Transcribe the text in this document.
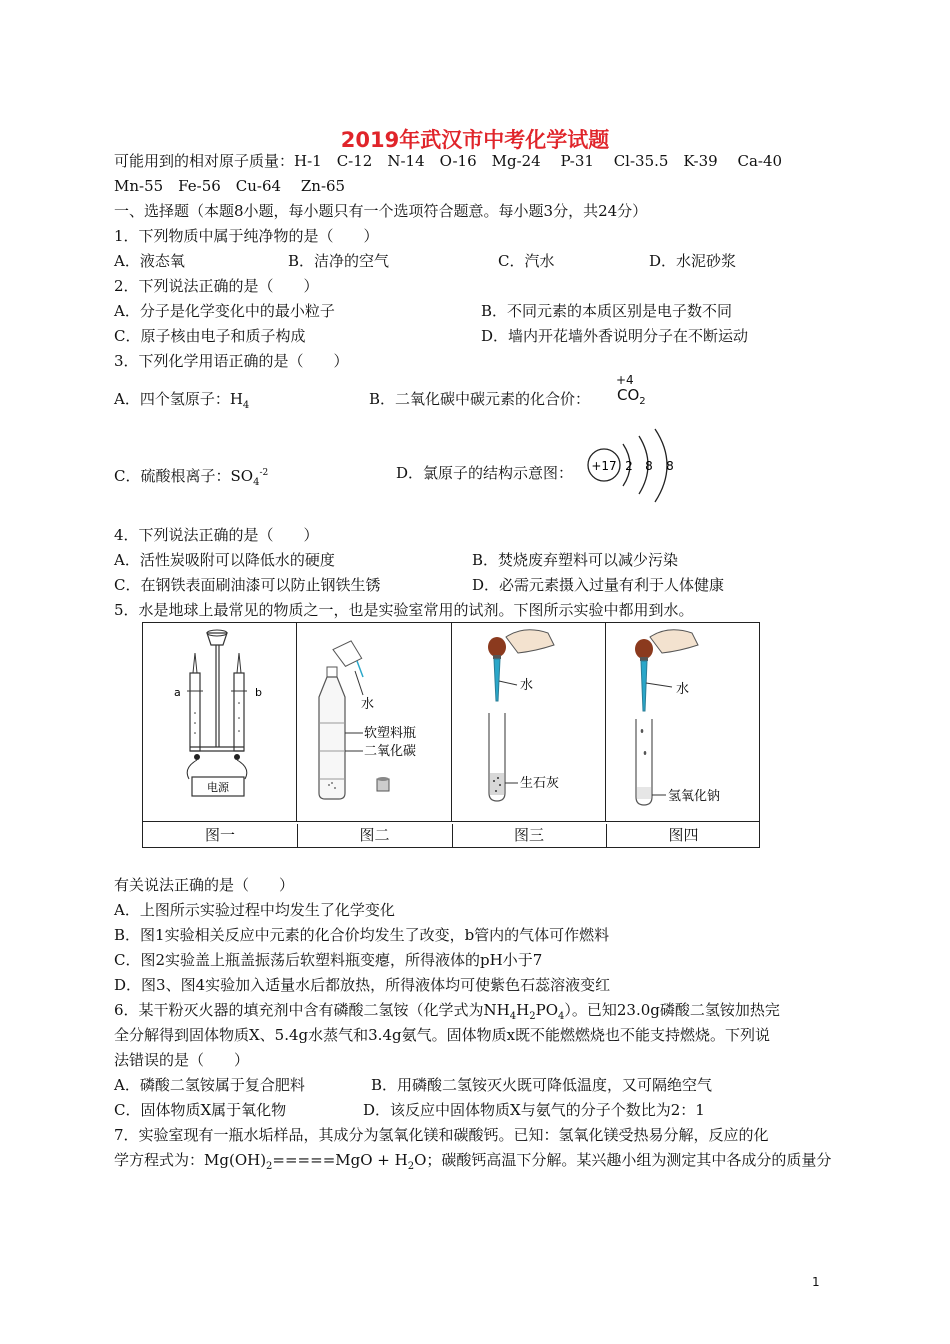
2019年武汉市中考化学试题
可能用到的相对原子质量：H-1　C-12　N-14　O-16　Mg-24　 P-31　 Cl-35.5　K-39　 Ca-40
Mn-55　Fe-56　Cu-64　 Zn-65
一、选择题（本题8小题，每小题只有一个选项符合题意。每小题3分，共24分）
1．下列物质中属于纯净物的是（　　）
A．液态氧	B．洁净的空气	C．汽水	D．水泥砂浆
2．下列说法正确的是（　　）
A．分子是化学变化中的最小粒子	B．不同元素的本质区别是电子数不同
C．原子核由电子和质子构成	D．墙内开花墙外香说明分子在不断运动
3．下列化学用语正确的是（　　）
A．四个氢原子：$H_4$	B．二氧化碳中碳元素的化合价：
+4
$CO_2$
C．硫酸根离子：$SO_4^{-2}$	D．氯原子的结构示意图： +17 2 8 8
4．下列说法正确的是（　　）
A．活性炭吸附可以降低水的硬度	B．焚烧废弃塑料可以减少污染
C．在钢铁表面刷油漆可以防止钢铁生锈	D．必需元素摄入过量有利于人体健康
5．水是地球上最常见的物质之一，也是实验室常用的试剂。下图所示实验中都用到水。
电源
a	b
水
软塑料瓶
二氧化碳
水
生石灰
水
氢氧化钠
图一	图二	图三	图四
有关说法正确的是（　　）
A．上图所示实验过程中均发生了化学变化
B．图1实验相关反应中元素的化合价均发生了改变，b管内的气体可作燃料
C．图2实验盖上瓶盖振荡后软塑料瓶变瘪，所得液体的pH小于7
D．图3、图4实验加入适量水后都放热，所得液体均可使紫色石蕊溶液变红
6．某干粉灭火器的填充剂中含有磷酸二氢铵（化学式为$NH_4H_2PO_4$）。已知23.0g磷酸二氢铵加热完
全分解得到固体物质X、5.4g水蒸气和3.4g氨气。固体物质x既不能燃燃烧也不能支持燃烧。下列说
法错误的是（　　）
A．磷酸二氢铵属于复合肥料	B．用磷酸二氢铵灭火既可降低温度，又可隔绝空气
C．固体物质X属于氧化物	D．该反应中固体物质X与氨气的分子个数比为2：1
7．实验室现有一瓶水垢样品，其成分为氢氧化镁和碳酸钙。已知：氢氧化镁受热易分解，反应的化
学方程式为：$Mg(OH)_2=====MgO + H_2O$；碳酸钙高温下分解。某兴趣小组为测定其中各成分的质量分
1
